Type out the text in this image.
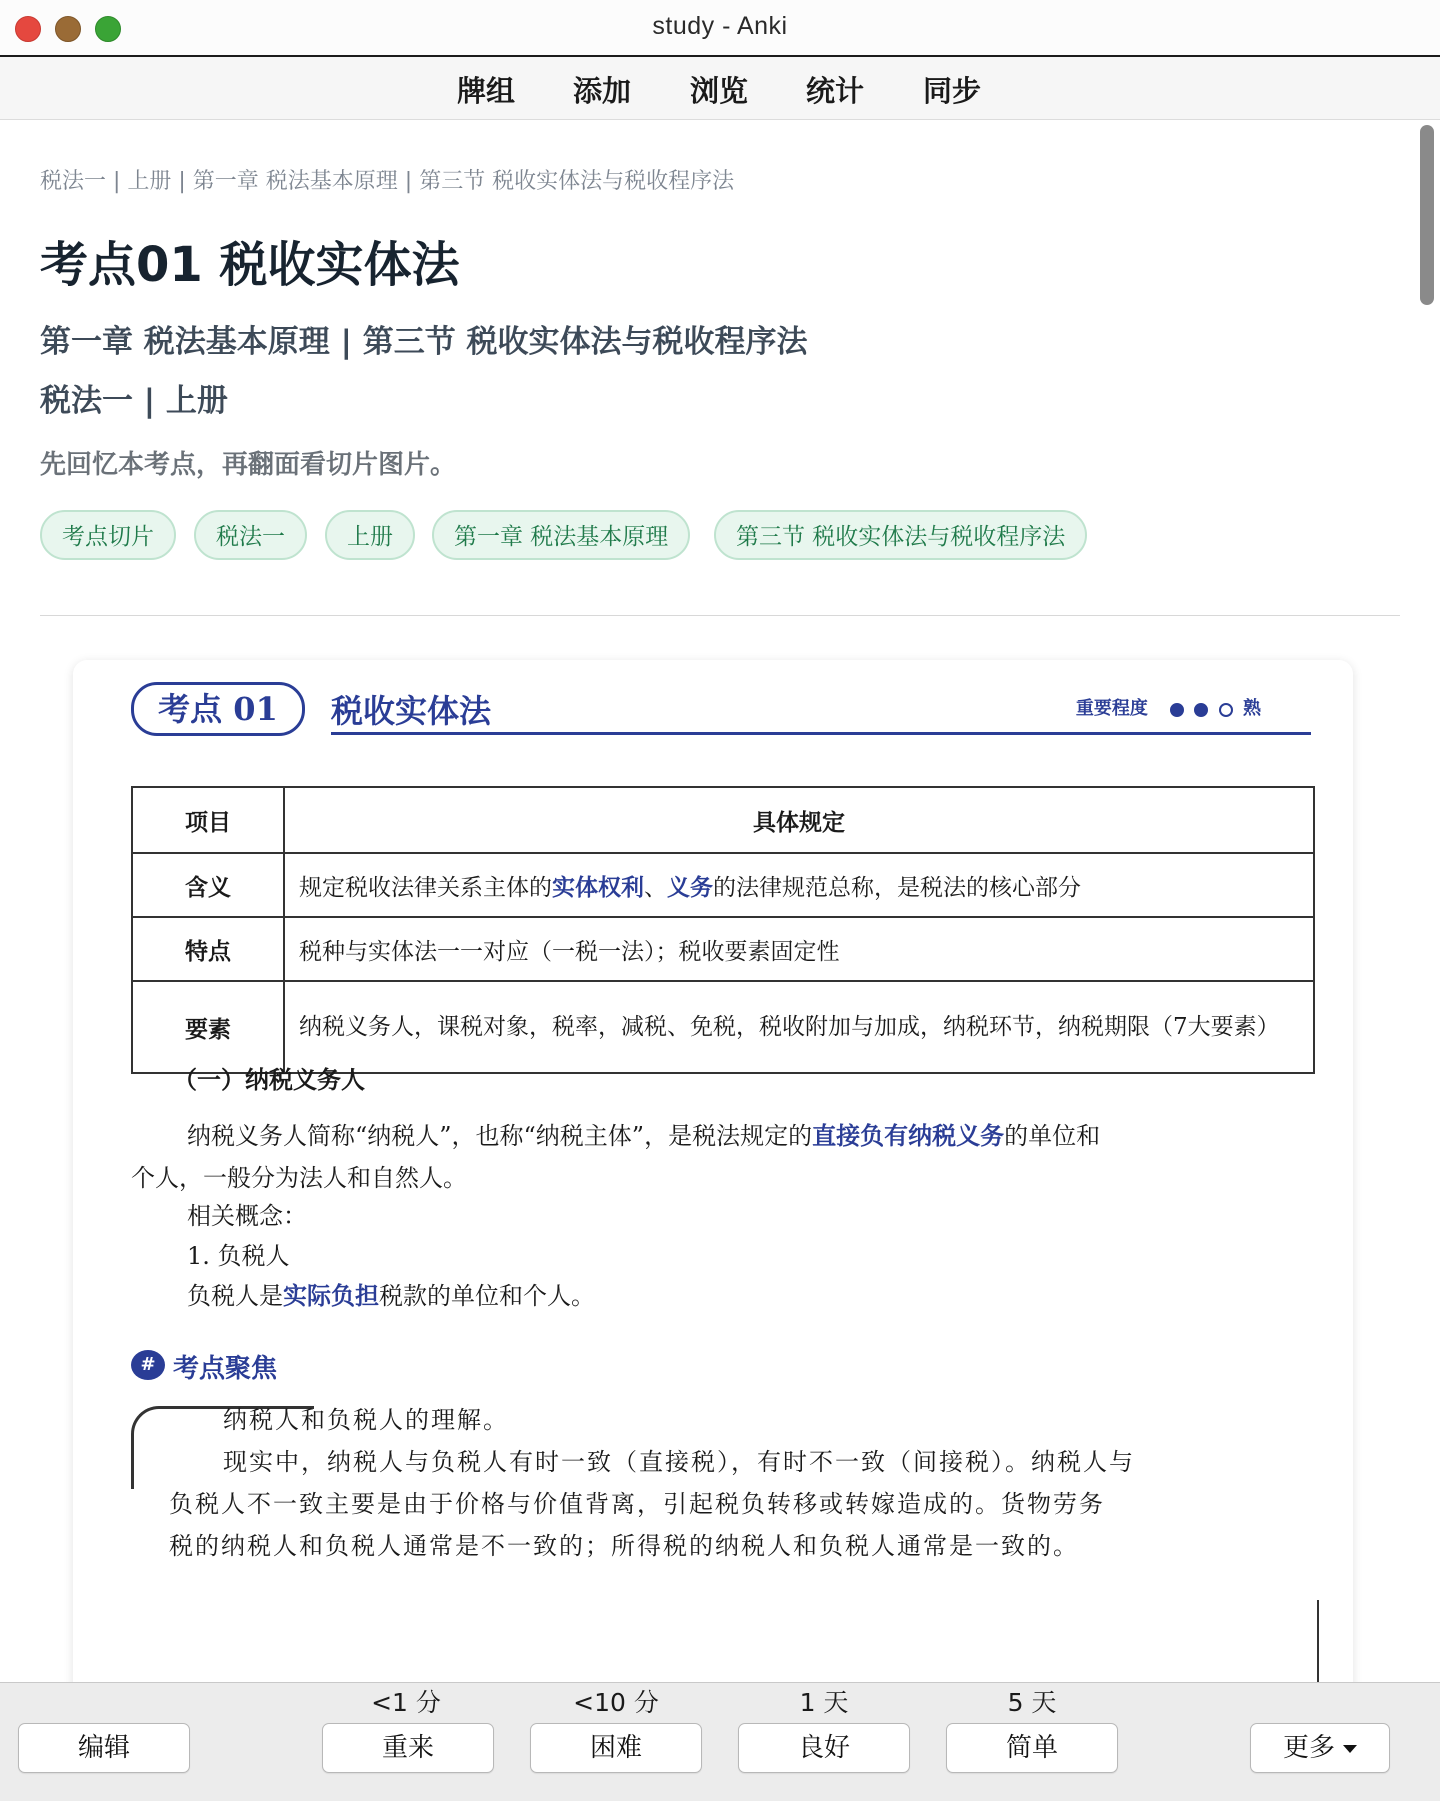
study - Anki
牌组 添加 浏览 统计 同步
税法一 | 上册 | 第一章 税法基本原理 | 第三节 税收实体法与税收程序法
考点01 税收实体法
第一章 税法基本原理 | 第三节 税收实体法与税收程序法
税法一 | 上册
先回忆本考点，再翻面看切片图片。
考点切片	税法一	上册	第一章 税法基本原理	第三节 税收实体法与税收程序法
考点 01	税收实体法	重要程度	熟
项目	具体规定
含义	规定税收法律关系主体的实体权利、义务的法律规范总称，是税法的核心部分
特点	税种与实体法一一对应（一税一法）；税收要素固定性
要素	纳税义务人，课税对象，税率，减税、免税，税收附加与加成，纳税环节，纳税期限（7大要素）
（一）纳税义务人
纳税义务人简称“纳税人”，也称“纳税主体”，是税法规定的直接负有纳税义务的单位和
个人，一般分为法人和自然人。
相关概念：
1. 负税人
负税人是实际负担税款的单位和个人。
# 考点聚焦
纳税人和负税人的理解。
现实中，纳税人与负税人有时一致（直接税），有时不一致（间接税）。纳税人与
负税人不一致主要是由于价格与价值背离，引起税负转移或转嫁造成的。货物劳务
税的纳税人和负税人通常是不一致的；所得税的纳税人和负税人通常是一致的。
<1 分	<10 分	1 天	5 天
编辑	重来	困难	良好	简单	更多
